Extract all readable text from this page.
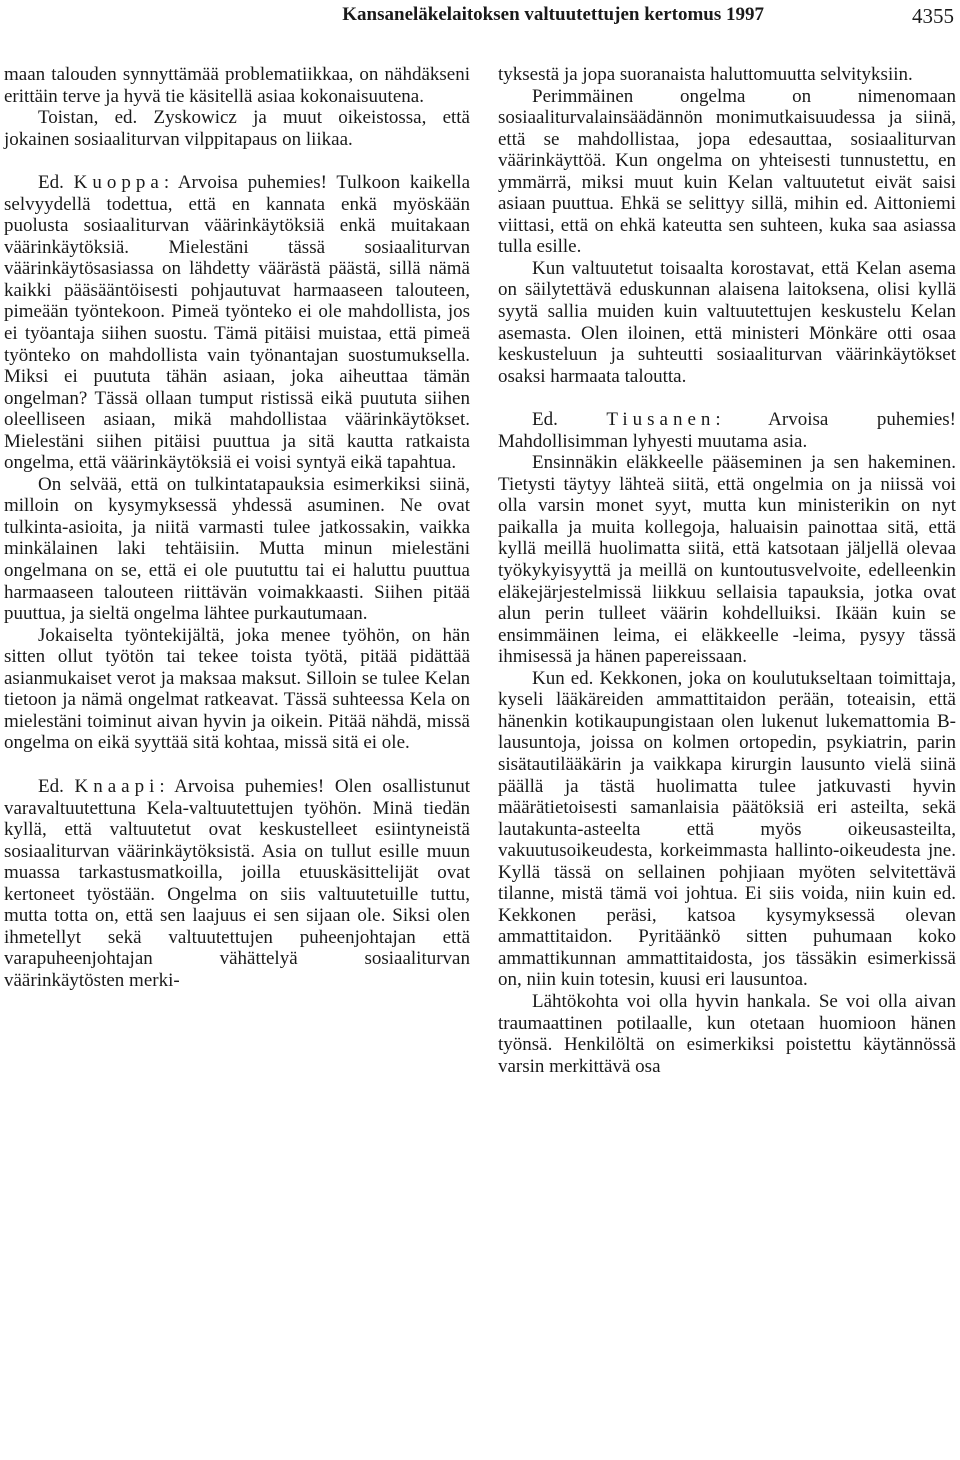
Kansaneläkelaitoksen valtuutettujen kertomus 1997	4355

maan talouden synnyttämää problematiikkaa, on nähdäkseni erittäin terve ja hyvä tie käsitellä asiaa kokonaisuutena.

Toistan, ed. Zyskowicz ja muut oikeistossa, että jokainen sosiaaliturvan vilppitapaus on liikaa.

Ed. Kuoppa: Arvoisa puhemies! Tulkoon kaikella selvyydellä todettua, että en kannata enkä myöskään puolusta sosiaaliturvan väärinkäytöksiä enkä muitakaan väärinkäytöksiä. Mielestäni tässä sosiaaliturvan väärinkäytösasiassa on lähdetty väärästä päästä, sillä nämä kaikki pääsääntöisesti pohjautuvat harmaaseen talouteen, pimeään työntekoon. Pimeä työnteko ei ole mahdollista, jos ei työantaja siihen suostu. Tämä pitäisi muistaa, että pimeä työnteko on mahdollista vain työnantajan suostumuksella. Miksi ei puututa tähän asiaan, joka aiheuttaa tämän ongelman? Tässä ollaan tumput ristissä eikä puututa siihen oleelliseen asiaan, mikä mahdollistaa väärinkäytökset. Mielestäni siihen pitäisi puuttua ja sitä kautta ratkaista ongelma, että väärinkäytöksiä ei voisi syntyä eikä tapahtua.

On selvää, että on tulkintatapauksia esimerkiksi siinä, milloin on kysymyksessä yhdessä asuminen. Ne ovat tulkinta-asioita, ja niitä varmasti tulee jatkossakin, vaikka minkälainen laki tehtäisiin. Mutta minun mielestäni ongelmana on se, että ei ole puututtu tai ei haluttu puuttua harmaaseen talouteen riittävän voimakkaasti. Siihen pitää puuttua, ja sieltä ongelma lähtee purkautumaan.

Jokaiselta työntekijältä, joka menee työhön, on hän sitten ollut työtön tai tekee toista työtä, pitää pidättää asianmukaiset verot ja maksaa maksut. Silloin se tulee Kelan tietoon ja nämä ongelmat ratkeavat. Tässä suhteessa Kela on mielestäni toiminut aivan hyvin ja oikein. Pitää nähdä, missä ongelma on eikä syyttää sitä kohtaa, missä sitä ei ole.

Ed. Knaapi: Arvoisa puhemies! Olen osallistunut varavaltuutettuna Kela-valtuutettujen työhön. Minä tiedän kyllä, että valtuutetut ovat keskustelleet esiintyneistä sosiaaliturvan väärinkäytöksistä. Asia on tullut esille muun muassa tarkastusmatkoilla, joilla etuuskäsittelijät ovat kertoneet työstään. Ongelma on siis valtuutetuille tuttu, mutta totta on, että sen laajuus ei sen sijaan ole. Siksi olen ihmetellyt sekä valtuutettujen puheenjohtajan että varapuheenjohtajan vähättelyä sosiaaliturvan väärinkäytösten merki-

tyksestä ja jopa suoranaista haluttomuutta selvityksiin.

Perimmäinen ongelma on nimenomaan sosiaaliturvalainsäädännön monimutkaisuudessa ja siinä, että se mahdollistaa, jopa edesauttaa, sosiaaliturvan väärinkäyttöä. Kun ongelma on yhteisesti tunnustettu, en ymmärrä, miksi muut kuin Kelan valtuutetut eivät saisi asiaan puuttua. Ehkä se selittyy sillä, mihin ed. Aittoniemi viittasi, että on ehkä kateutta sen suhteen, kuka saa asiassa tulla esille.

Kun valtuutetut toisaalta korostavat, että Kelan asema on säilytettävä eduskunnan alaisena laitoksena, olisi kyllä syytä sallia muiden kuin valtuutettujen keskustelu Kelan asemasta. Olen iloinen, että ministeri Mönkäre otti osaa keskusteluun ja suhteutti sosiaaliturvan väärinkäytökset osaksi harmaata taloutta.

Ed. Tiusanen: Arvoisa puhemies! Mahdollisimman lyhyesti muutama asia.

Ensinnäkin eläkkeelle pääseminen ja sen hakeminen. Tietysti täytyy lähteä siitä, että ongelmia on ja niissä voi olla varsin monet syyt, mutta kun ministerikin on nyt paikalla ja muita kollegoja, haluaisin painottaa sitä, että kyllä meillä huolimatta siitä, että katsotaan jäljellä olevaa työkykyisyyttä ja meillä on kuntoutusvelvoite, edelleenkin eläkejärjestelmissä liikkuu sellaisia tapauksia, jotka ovat alun perin tulleet väärin kohdelluiksi. Ikään kuin se ensimmäinen leima, ei eläkkeelle -leima, pysyy tässä ihmisessä ja hänen papereissaan.

Kun ed. Kekkonen, joka on koulutukseltaan toimittaja, kyseli lääkäreiden ammattitaidon perään, toteaisin, että hänenkin kotikaupungistaan olen lukenut lukemattomia B-lausuntoja, joissa on kolmen ortopedin, psykiatrin, parin sisätautilääkärin ja vaikkapa kirurgin lausunto vielä siinä päällä ja tästä huolimatta tulee jatkuvasti hyvin määrätietoisesti samanlaisia päätöksiä eri asteilta, sekä lautakunta-asteelta että myös oikeusasteilta, vakuutusoikeudesta, korkeimmasta hallinto-oikeudesta jne. Kyllä tässä on sellainen pohjiaan myöten selvitettävä tilanne, mistä tämä voi johtua. Ei siis voida, niin kuin ed. Kekkonen peräsi, katsoa kysymyksessä olevan ammattitaidon. Pyritäänkö sitten puhumaan koko ammattikunnan ammattitaidosta, jos tässäkin esimerkissä on, niin kuin totesin, kuusi eri lausuntoa.

Lähtökohta voi olla hyvin hankala. Se voi olla aivan traumaattinen potilaalle, kun otetaan huomioon hänen työnsä. Henkilöltä on esimerkiksi poistettu käytännössä varsin merkittävä osa
